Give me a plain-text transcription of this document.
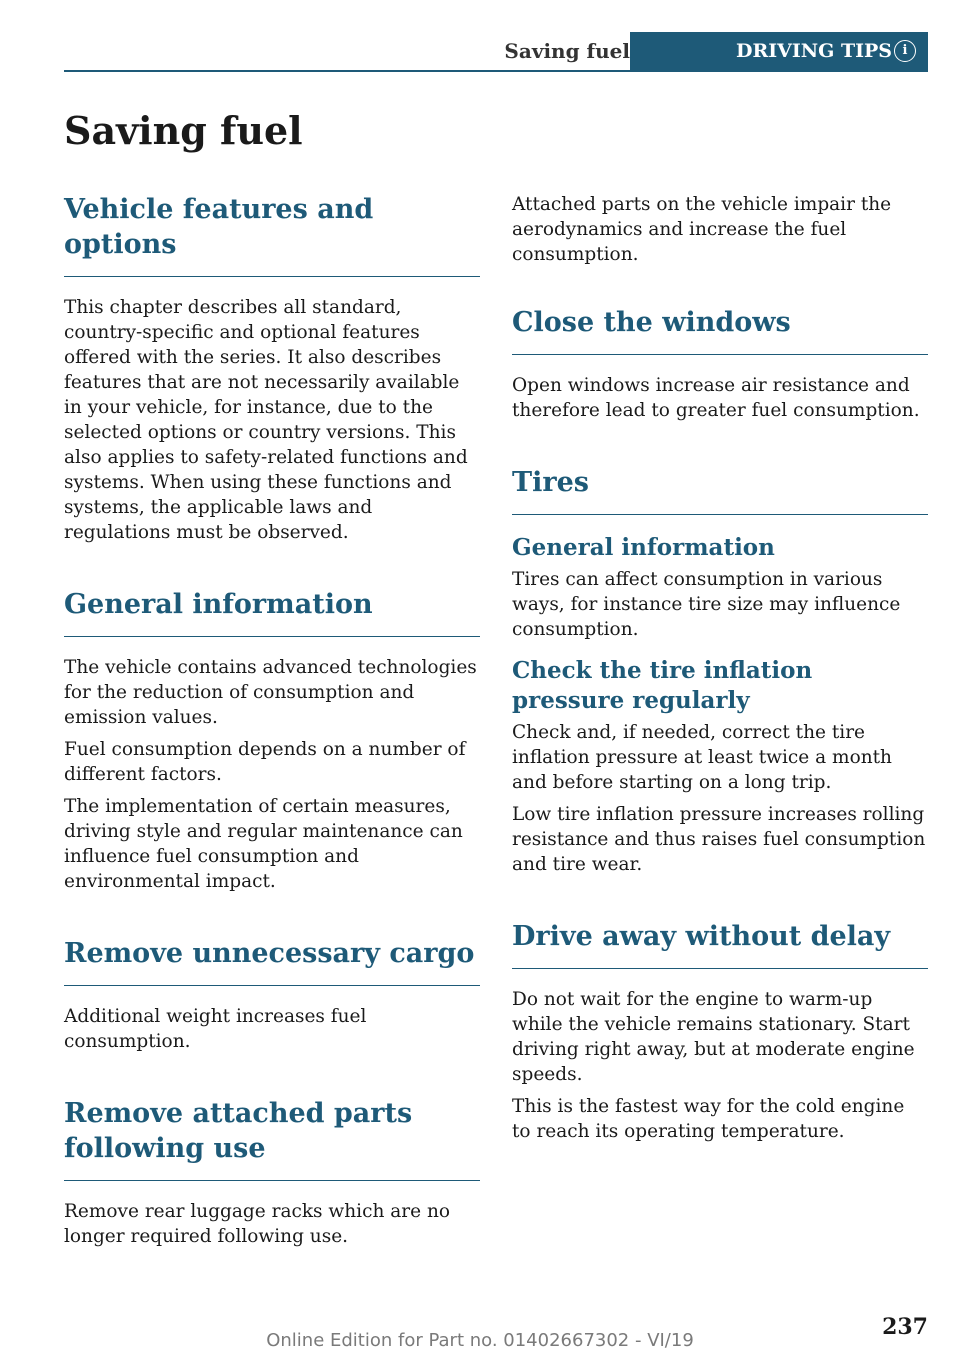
Saving fuel	DRIVING TIPS i
Saving fuel
Vehicle features and options

This chapter describes all standard, country-specific and optional features offered with the series. It also describes features that are not necessarily available in your vehicle, for instance, due to the selected options or country versions. This also applies to safety-related functions and systems. When using these functions and systems, the applicable laws and regulations must be observed.

General information

The vehicle contains advanced technologies for the reduction of consumption and emission values.

Fuel consumption depends on a number of different factors.

The implementation of certain measures, driving style and regular maintenance can influence fuel consumption and environmental impact.

Remove unnecessary cargo

Additional weight increases fuel consumption.

Remove attached parts following use

Remove rear luggage racks which are no longer required following use.

Attached parts on the vehicle impair the aerodynamics and increase the fuel consumption.

Close the windows

Open windows increase air resistance and therefore lead to greater fuel consumption.

Tires
General information

Tires can affect consumption in various ways, for instance tire size may influence consumption.

Check the tire inflation pressure regularly

Check and, if needed, correct the tire inflation pressure at least twice a month and before starting on a long trip.

Low tire inflation pressure increases rolling resistance and thus raises fuel consumption and tire wear.

Drive away without delay

Do not wait for the engine to warm-up while the vehicle remains stationary. Start driving right away, but at moderate engine speeds.

This is the fastest way for the cold engine to reach its operating temperature.

237
Online Edition for Part no. 01402667302 - VI/19
